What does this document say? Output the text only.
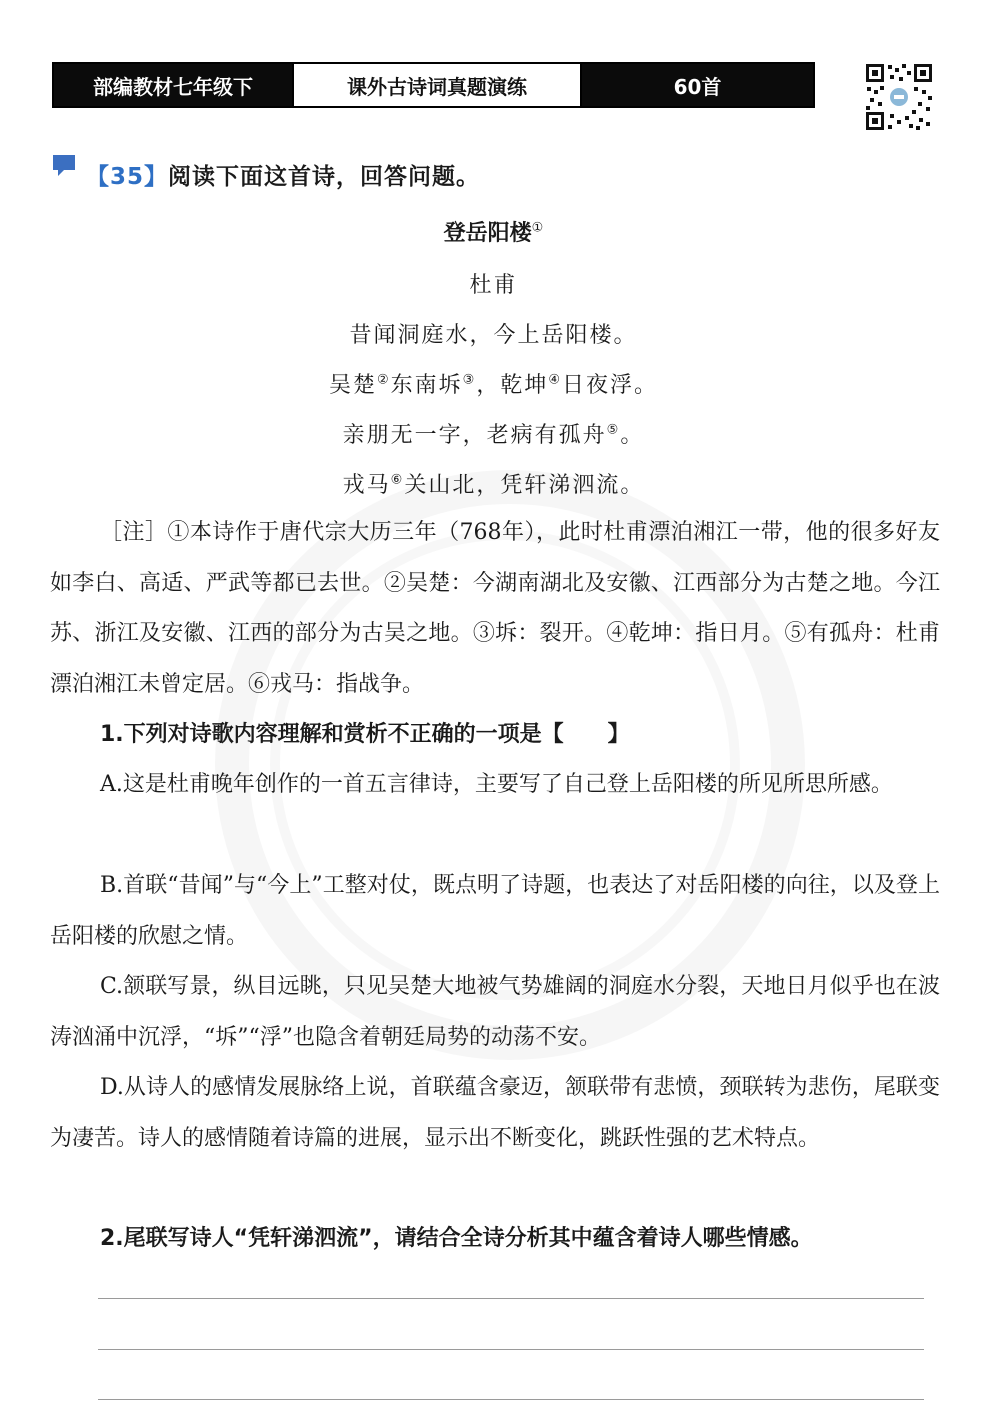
部编教材七年级下	课外古诗词真题演练	60首
【35】阅读下面这首诗，回答问题。
登岳阳楼①
杜甫
昔闻洞庭水，今上岳阳楼。
吴楚②东南坼③，乾坤④日夜浮。
亲朋无一字，老病有孤舟⑤。
戎马⑥关山北，凭轩涕泗流。

［注］①本诗作于唐代宗大历三年（768年），此时杜甫漂泊湘江一带，他的很多好友如李白、高适、严武等都已去世。②吴楚：今湖南湖北及安徽、江西部分为古楚之地。今江苏、浙江及安徽、江西的部分为古吴之地。③坼：裂开。④乾坤：指日月。⑤有孤舟：杜甫漂泊湘江未曾定居。⑥戎马：指战争。

1.下列对诗歌内容理解和赏析不正确的一项是【　　】

A.这是杜甫晚年创作的一首五言律诗，主要写了自己登上岳阳楼的所见所思所感。

B.首联“昔闻”与“今上”工整对仗，既点明了诗题，也表达了对岳阳楼的向往，以及登上岳阳楼的欣慰之情。

C.颔联写景，纵目远眺，只见吴楚大地被气势雄阔的洞庭水分裂，天地日月似乎也在波涛汹涌中沉浮，“坼”“浮”也隐含着朝廷局势的动荡不安。

D.从诗人的感情发展脉络上说，首联蕴含豪迈，颔联带有悲愤，颈联转为悲伤，尾联变为凄苦。诗人的感情随着诗篇的进展，显示出不断变化，跳跃性强的艺术特点。

2.尾联写诗人“凭轩涕泗流”，请结合全诗分析其中蕴含着诗人哪些情感。
